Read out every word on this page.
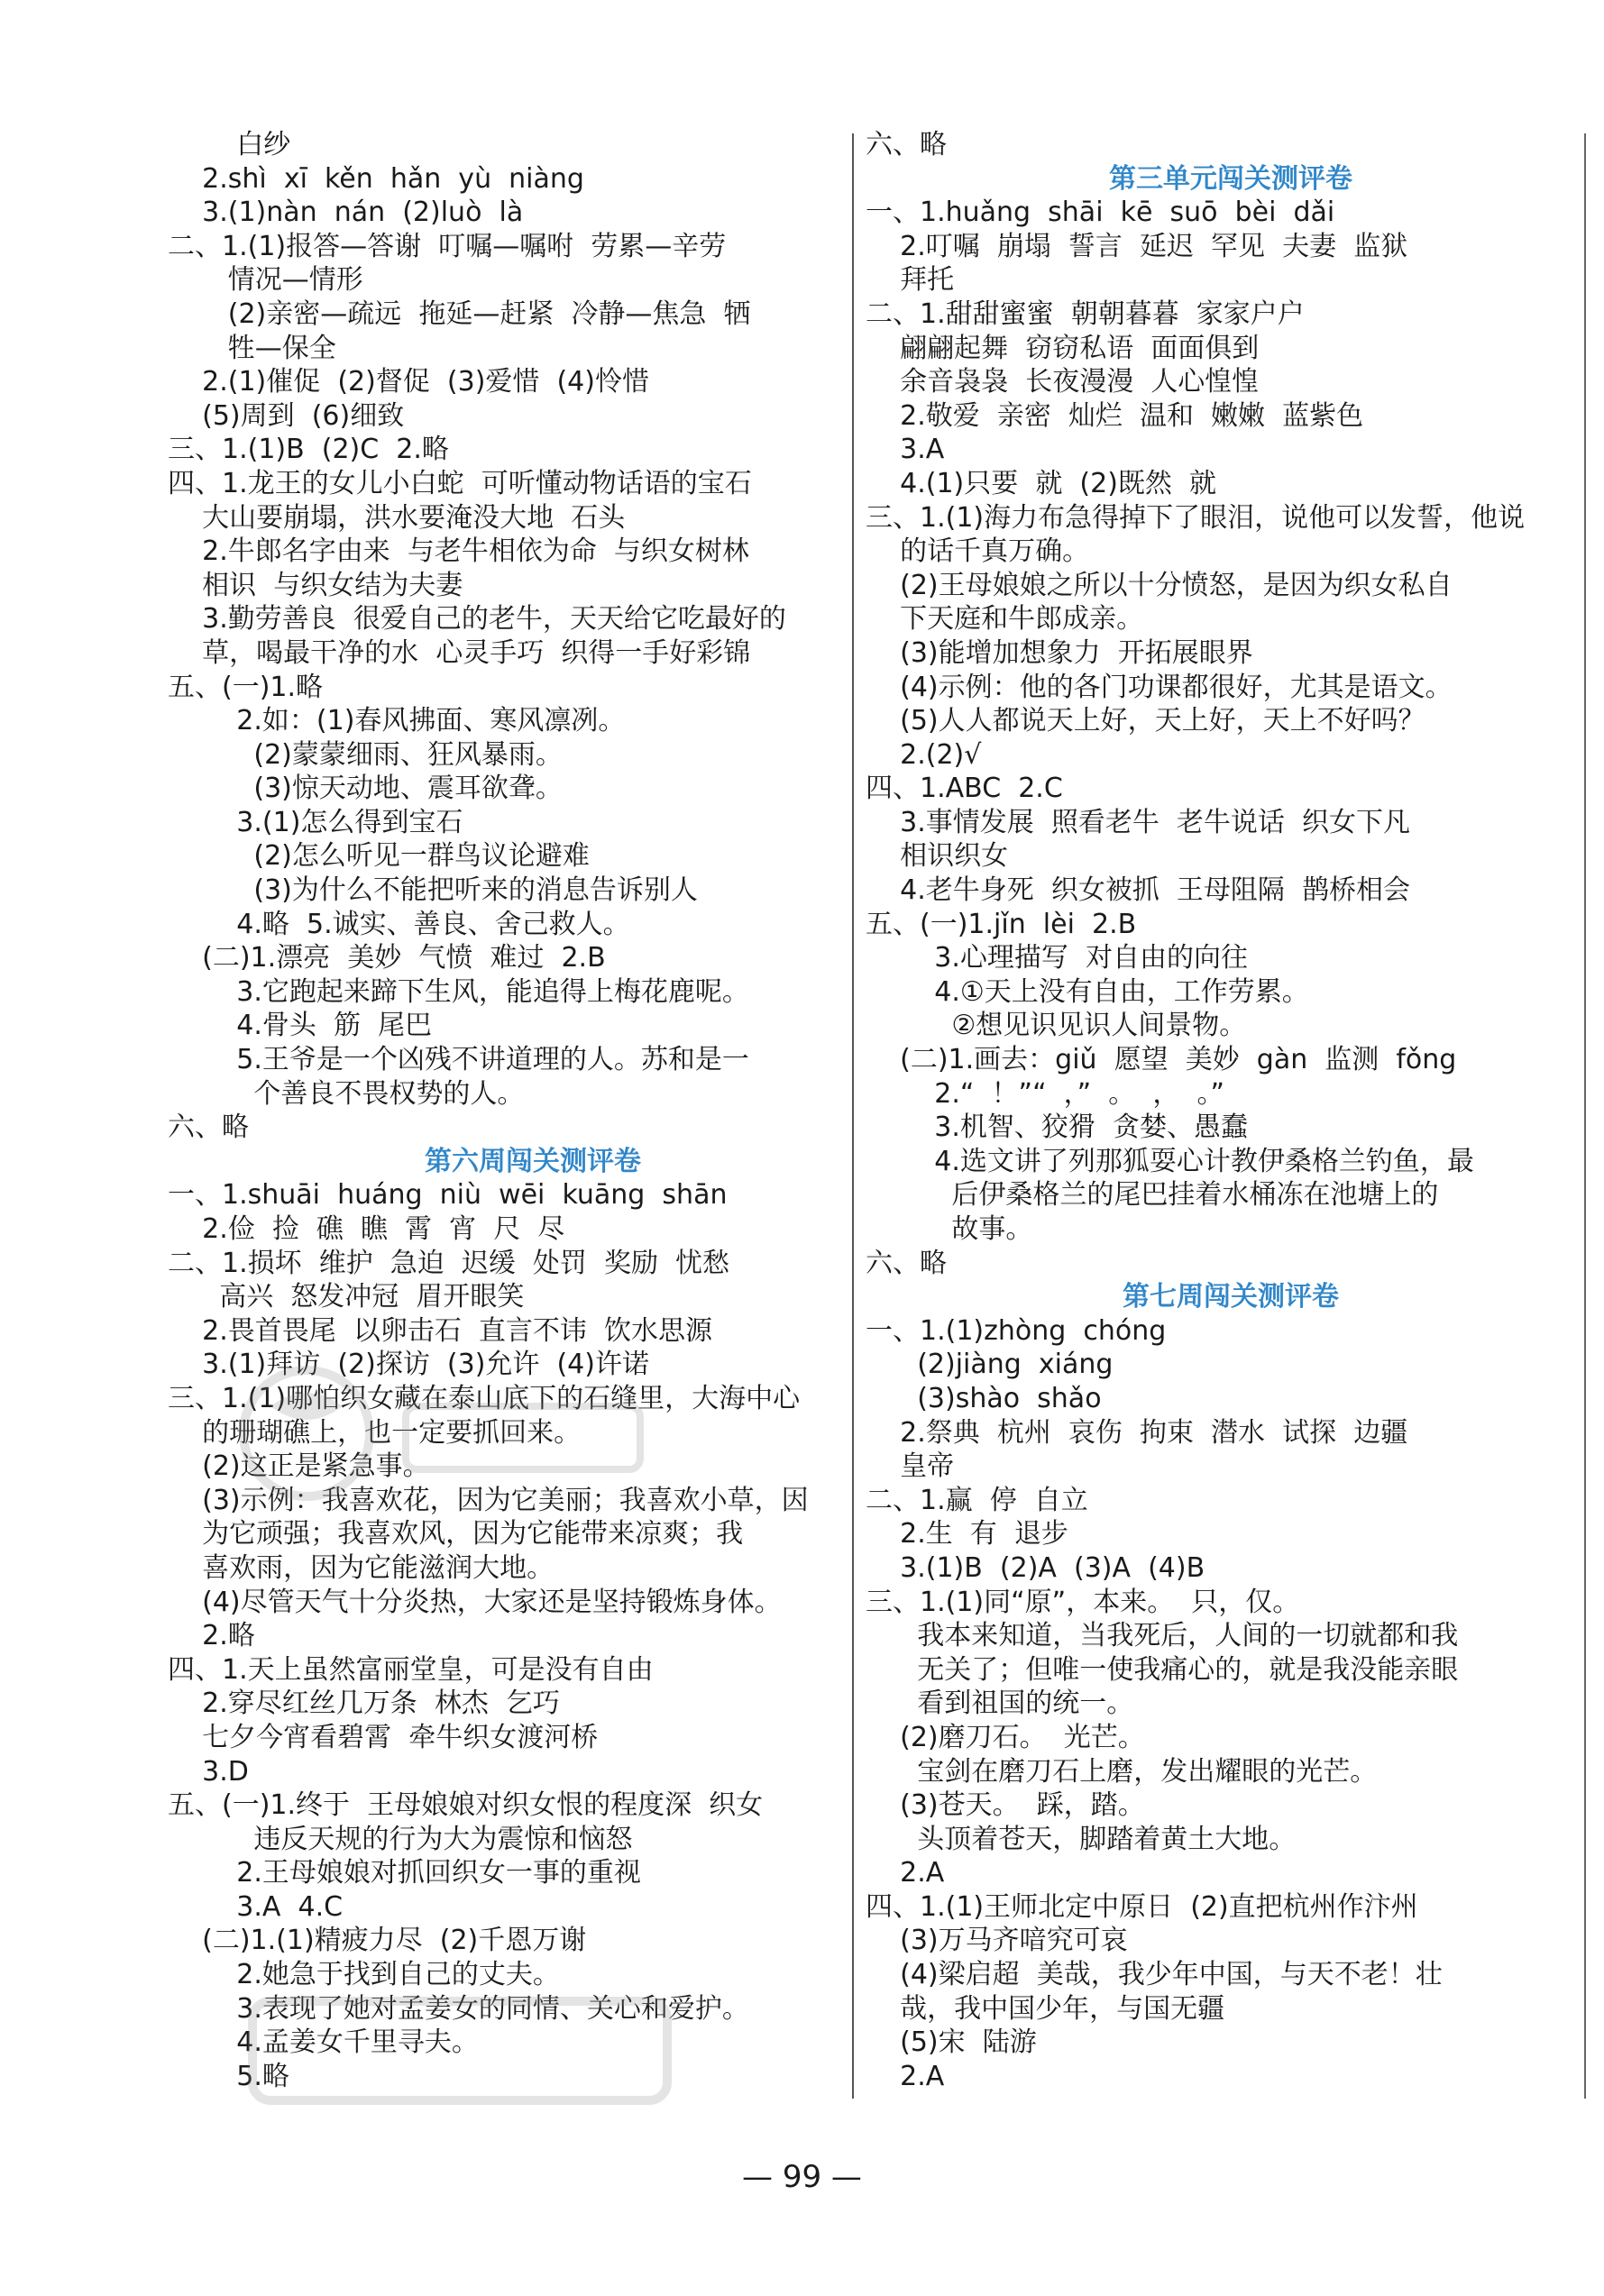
白纱
2.shì  xī  kěn  hǎn  yù  niàng
3.(1)nàn  nán  (2)luò  là
二、1.(1)报答—答谢  叮嘱—嘱咐  劳累—辛劳
情况—情形
(2)亲密—疏远  拖延—赶紧  冷静—焦急  牺
牲—保全
2.(1)催促  (2)督促  (3)爱惜  (4)怜惜
(5)周到  (6)细致
三、1.(1)B  (2)C  2.略
四、1.龙王的女儿小白蛇  可听懂动物话语的宝石
大山要崩塌，洪水要淹没大地  石头
2.牛郎名字由来  与老牛相依为命  与织女树林
相识  与织女结为夫妻
3.勤劳善良  很爱自己的老牛，天天给它吃最好的
草，喝最干净的水  心灵手巧  织得一手好彩锦
五、(一)1.略
2.如：(1)春风拂面、寒风凛冽。
(2)蒙蒙细雨、狂风暴雨。
(3)惊天动地、震耳欲聋。
3.(1)怎么得到宝石
(2)怎么听见一群鸟议论避难
(3)为什么不能把听来的消息告诉别人
4.略  5.诚实、善良、舍己救人。
(二)1.漂亮  美妙  气愤  难过  2.B
3.它跑起来蹄下生风，能追得上梅花鹿呢。
4.骨头  筋  尾巴
5.王爷是一个凶残不讲道理的人。苏和是一
个善良不畏权势的人。
六、略
第六周闯关测评卷
一、1.shuāi  huáng  niù  wēi  kuāng  shān
2.俭  捡  礁  瞧  霄  宵  尺  尽
二、1.损坏  维护  急迫  迟缓  处罚  奖励  忧愁
高兴  怒发冲冠  眉开眼笑
2.畏首畏尾  以卵击石  直言不讳  饮水思源
3.(1)拜访  (2)探访  (3)允许  (4)许诺
三、1.(1)哪怕织女藏在泰山底下的石缝里，大海中心
的珊瑚礁上，也一定要抓回来。
(2)这正是紧急事。
(3)示例：我喜欢花，因为它美丽；我喜欢小草，因
为它顽强；我喜欢风，因为它能带来凉爽；我
喜欢雨，因为它能滋润大地。
(4)尽管天气十分炎热，大家还是坚持锻炼身体。
2.略
四、1.天上虽然富丽堂皇，可是没有自由
2.穿尽红丝几万条  林杰  乞巧
七夕今宵看碧霄  牵牛织女渡河桥
3.D
五、(一)1.终于  王母娘娘对织女恨的程度深  织女
违反天规的行为大为震惊和恼怒
2.王母娘娘对抓回织女一事的重视
3.A  4.C
(二)1.(1)精疲力尽  (2)千恩万谢
2.她急于找到自己的丈夫。
3.表现了她对孟姜女的同情、关心和爱护。
4.孟姜女千里寻夫。
5.略
六、略
第三单元闯关测评卷
一、1.huǎng  shāi  kē  suō  bèi  dǎi
2.叮嘱  崩塌  誓言  延迟  罕见  夫妻  监狱
拜托
二、1.甜甜蜜蜜  朝朝暮暮  家家户户
翩翩起舞  窃窃私语  面面俱到
余音袅袅  长夜漫漫  人心惶惶
2.敬爱  亲密  灿烂  温和  嫩嫩  蓝紫色
3.A
4.(1)只要  就  (2)既然  就
三、1.(1)海力布急得掉下了眼泪，说他可以发誓，他说
的话千真万确。
(2)王母娘娘之所以十分愤怒，是因为织女私自
下天庭和牛郎成亲。
(3)能增加想象力  开拓展眼界
(4)示例：他的各门功课都很好，尤其是语文。
(5)人人都说天上好，天上好，天上不好吗？
2.(2)√
四、1.ABC  2.C
3.事情发展  照看老牛  老牛说话  织女下凡
相识织女
4.老牛身死  织女被抓  王母阻隔  鹊桥相会
五、(一)1.jǐn  lèi  2.B
3.心理描写  对自由的向往
4.①天上没有自由，工作劳累。
②想见识见识人间景物。
(二)1.画去：giǔ  愿望  美妙  gàn  监测  fǒng
2.“  ！”“  ，”  。  ，  。”
3.机智、狡猾  贪婪、愚蠢
4.选文讲了列那狐耍心计教伊桑格兰钓鱼，最
后伊桑格兰的尾巴挂着水桶冻在池塘上的
故事。
六、略
第七周闯关测评卷
一、1.(1)zhòng  chóng
(2)jiàng  xiáng
(3)shào  shǎo
2.祭典  杭州  哀伤  拘束  潜水  试探  边疆
皇帝
二、1.赢  停  自立
2.生  有  退步
3.(1)B  (2)A  (3)A  (4)B
三、1.(1)同“原”，本来。  只，仅。
我本来知道，当我死后，人间的一切就都和我
无关了；但唯一使我痛心的，就是我没能亲眼
看到祖国的统一。
(2)磨刀石。  光芒。
宝剑在磨刀石上磨，发出耀眼的光芒。
(3)苍天。  踩，踏。
头顶着苍天，脚踏着黄土大地。
2.A
四、1.(1)王师北定中原日  (2)直把杭州作汴州
(3)万马齐喑究可哀
(4)梁启超  美哉，我少年中国，与天不老！壮
哉，我中国少年，与国无疆
(5)宋  陆游
2.A
— 99 —
